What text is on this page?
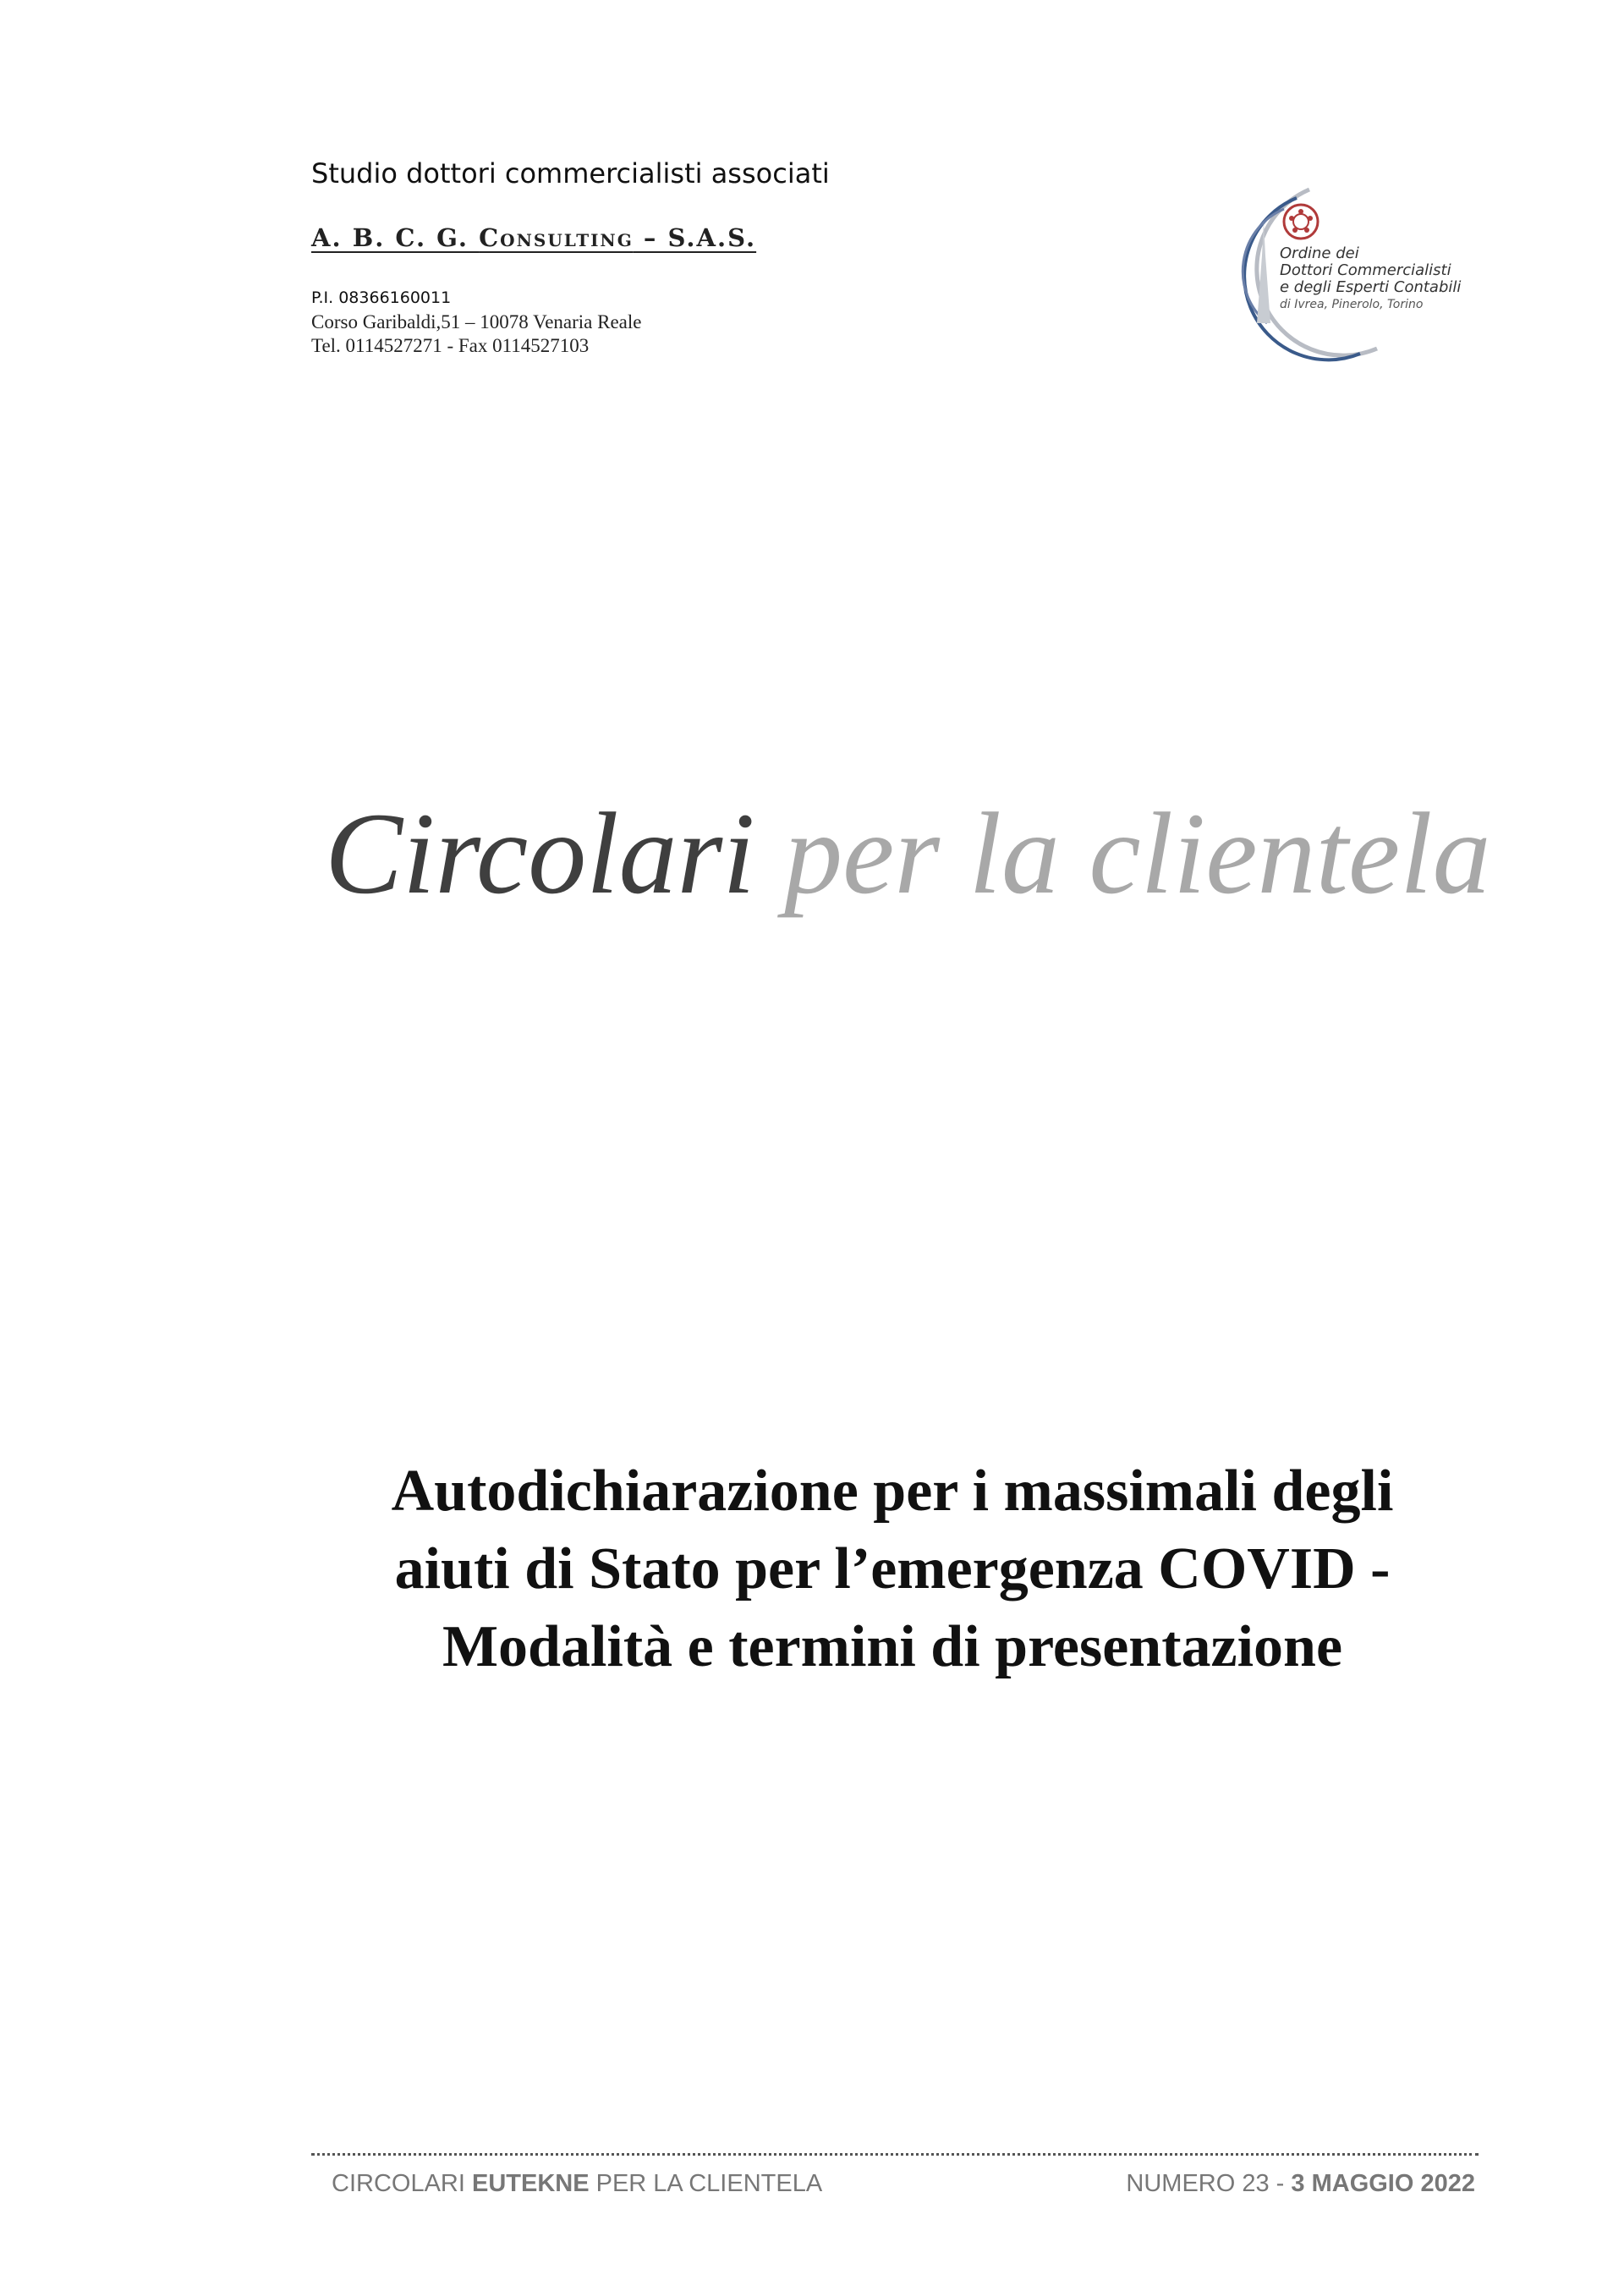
Studio dottori commercialisti associati
A. B. C. G. Consulting – S.A.S.
P.I. 08366160011
Corso Garibaldi,51 – 10078 Venaria Reale
Tel. 0114527271 - Fax 0114527103
Ordine dei
Dottori Commercialisti
e degli Esperti Contabili
di Ivrea, Pinerolo, Torino
Circolari per la clientela
Autodichiarazione per i massimali degli
aiuti di Stato per l’emergenza COVID -
Modalità e termini di presentazione
CIRCOLARI EUTEKNE PER LA CLIENTELA	NUMERO 23 - 3 MAGGIO 2022
